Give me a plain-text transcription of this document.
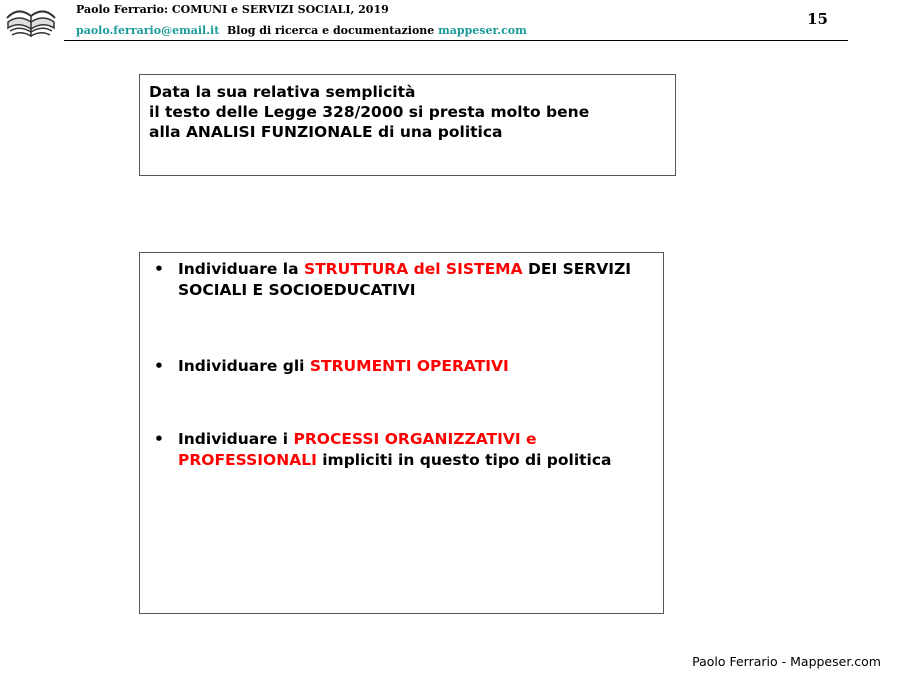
Paolo Ferrario: COMUNI e SERVIZI SOCIALI, 2019
paolo.ferrario@email.it Blog di ricerca e documentazione mappeser.com
15

Data la sua relativa semplicità

il testo delle Legge 328/2000 si presta molto bene

alla ANALISI FUNZIONALE di una politica

• Individuare la STRUTTURA del SISTEMA DEI SERVIZI SOCIALI E SOCIOEDUCATIVI
• Individuare gli STRUMENTI OPERATIVI
• Individuare i PROCESSI ORGANIZZATIVI e PROFESSIONALI impliciti in questo tipo di politica
Paolo Ferrario - Mappeser.com
